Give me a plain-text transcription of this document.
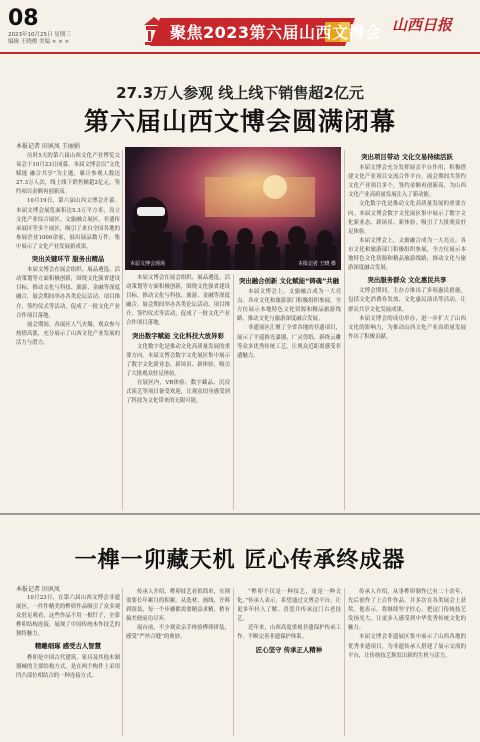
08
2023年10月25日 星期三
编辑 王晓俊 美编 × × ×	聚焦2023第六届山西文博会 山西日报
27.3万人参观 线上线下销售超2亿元
第六届山西文博会圆满闭幕
本报记者 田夙凤 王丽娟

历时5天的第六届山西文化产业博览交易会于10月23日闭幕。本届文博会以“文化赋能 融合共享”为主题，累计参观人数达27.3万人次，线上线下销售额超2亿元，签约项目金额再创新高。

10月19日，第六届山西文博会开幕。本届文博会展览面积达5.3万平方米，设立文化产业综合展区、文旅融合展区、非遗传承展区等多个展区，吸引了来自全国各地的参展企业1000余家，展出展品数万件，集中展示了文化产业发展新成果。

突出关键环节 服务出精品

本届文博会在展会组织、展品遴选、活动策划等方面积极创新，围绕文化强省建设目标，推动文化与科技、旅游、金融等深度融合，展会期间举办各类论坛活动、项目推介、签约仪式等活动，促成了一批文化产业合作项目落地。

展会期间，各展区人气火爆，观众参与热情高涨，充分展示了山西文化产业发展的活力与潜力。

本届文博会现场	本报记者 王晓 摄

本届文博会在展会组织、展品遴选、活动策划等方面积极创新，围绕文化强省建设目标，推动文化与科技、旅游、金融等深度融合，展会期间举办各类论坛活动、项目推介、签约仪式等活动，促成了一批文化产业合作项目落地。

突出数字赋能 文化科技大放异彩

文化数字化是推动文化高质量发展的重要方向。本届文博会数字文化展区集中展示了数字文化新业态、新场景、新体验，吸引了大批观众驻足体验。

在展区内，VR体验、数字藏品、沉浸式演艺等项目备受欢迎，让观众切身感受到了科技为文化带来的无限可能。

突出融合创新 文化赋能“铸魂”共融

本届文博会上，文旅融合成为一大亮点。各市文化和旅游部门积极组织参展，全方位展示本地特色文化资源和精品旅游线路，推动文化与旅游深度融合发展。

非遗展区汇聚了全省各地的非遗项目，展示了平遥推光漆器、广灵剪纸、新绛云雕等众多优秀传统工艺，让观众近距离感受非遗魅力。

突出项目带动 文化交易持续活跃

本届文博会充分发挥展会平台作用，积极搭建文化产业项目交流合作平台。展会期间共签约文化产业项目多个，签约金额再创新高，为山西文化产业高质量发展注入了新动能。

文化数字化是推动文化高质量发展的重要方向。本届文博会数字文化展区集中展示了数字文化新业态、新场景、新体验，吸引了大批观众驻足体验。

本届文博会上，文旅融合成为一大亮点。各市文化和旅游部门积极组织参展，全方位展示本地特色文化资源和精品旅游线路，推动文化与旅游深度融合发展。

突出服务群众 文化惠民共享

文博会期间，主办方推出了多项惠民措施，包括文化消费券发放、文化惠民演出等活动，让群众共享文化发展成果。

本届文博会的成功举办，进一步扩大了山西文化的影响力，为推动山西文化产业高质量发展作出了积极贡献。

一榫一卯藏天机 匠心传承终成器
本报记者 田夙凤

10月23日，在第六届山西文博会非遗展区，一件件精美的榫卯作品吸引了众多观众驻足观看。这些作品不用一根钉子，全靠榫卯结构连接，展现了中国传统木作技艺的独特魅力。

精雕细琢 感受古人智慧

榫卯是中国古代建筑、家具及其他木制器械的主要结构方式，是在两个构件上采用凹凸部位相结合的一种连接方式。

传承人介绍，榫卯技艺看似简单，实则需要长年累月的积累。从选材、画线、开料到组装，每一个步骤都需要精益求精，稍有偏差便前功尽弃。

展台前，不少观众亲手体验榫卯拼装，感受“严丝合缝”的奥妙。

“榫卯不仅是一种技艺，更是一种文化。”传承人表示，希望通过文博会平台，让更多年轻人了解、喜爱并传承这门古老技艺。

近年来，山西高度重视非遗保护传承工作，不断完善非遗保护体系。

匠心坚守 传承正人精神

传承人介绍，从事榫卯制作已有二十余年，先后创作了上百件作品，并多次在各类展会上获奖。他表示，将继续坚守匠心，把这门传统技艺发扬光大，让更多人感受到中华优秀传统文化的魅力。

本届文博会非遗展区集中展示了山西各地的优秀非遗项目，为非遗传承人搭建了展示交流的平台，让传统技艺焕发出新的生机与活力。
